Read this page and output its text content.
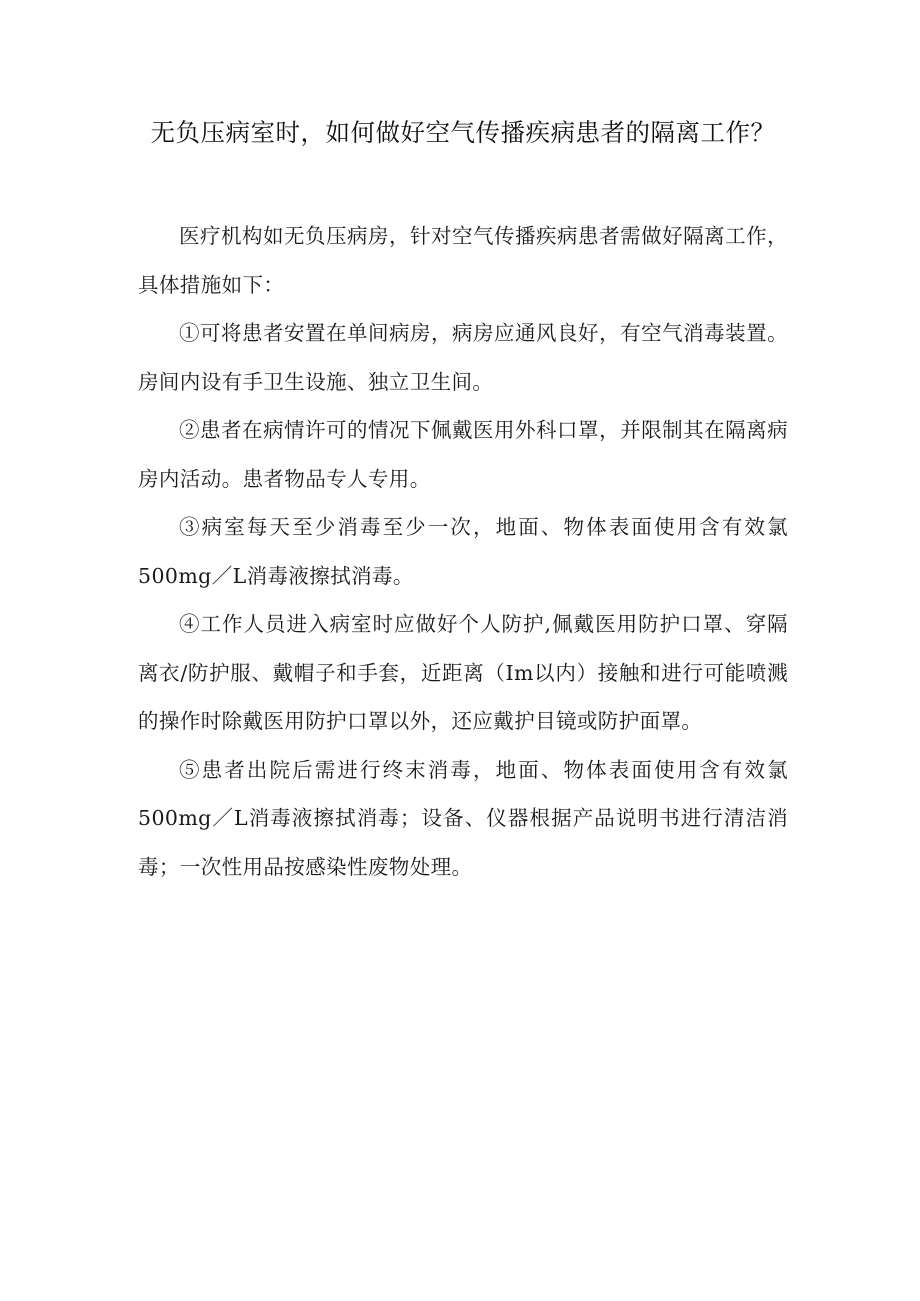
无负压病室时，如何做好空气传播疾病患者的隔离工作？

医疗机构如无负压病房，针对空气传播疾病患者需做好隔离工作，具体措施如下：

①可将患者安置在单间病房，病房应通风良好，有空气消毒装置。房间内设有手卫生设施、独立卫生间。

②患者在病情许可的情况下佩戴医用外科口罩，并限制其在隔离病房内活动。患者物品专人专用。

③病室每天至少消毒至少一次，地面、物体表面使用含有效氯500mg／L消毒液擦拭消毒。

④工作人员进入病室时应做好个人防护,佩戴医用防护口罩、穿隔离衣/防护服、戴帽子和手套，近距离（Im以内）接触和进行可能喷溅的操作时除戴医用防护口罩以外，还应戴护目镜或防护面罩。

⑤患者出院后需进行终末消毒，地面、物体表面使用含有效氯500mg／L消毒液擦拭消毒；设备、仪器根据产品说明书进行清洁消毒；一次性用品按感染性废物处理。
